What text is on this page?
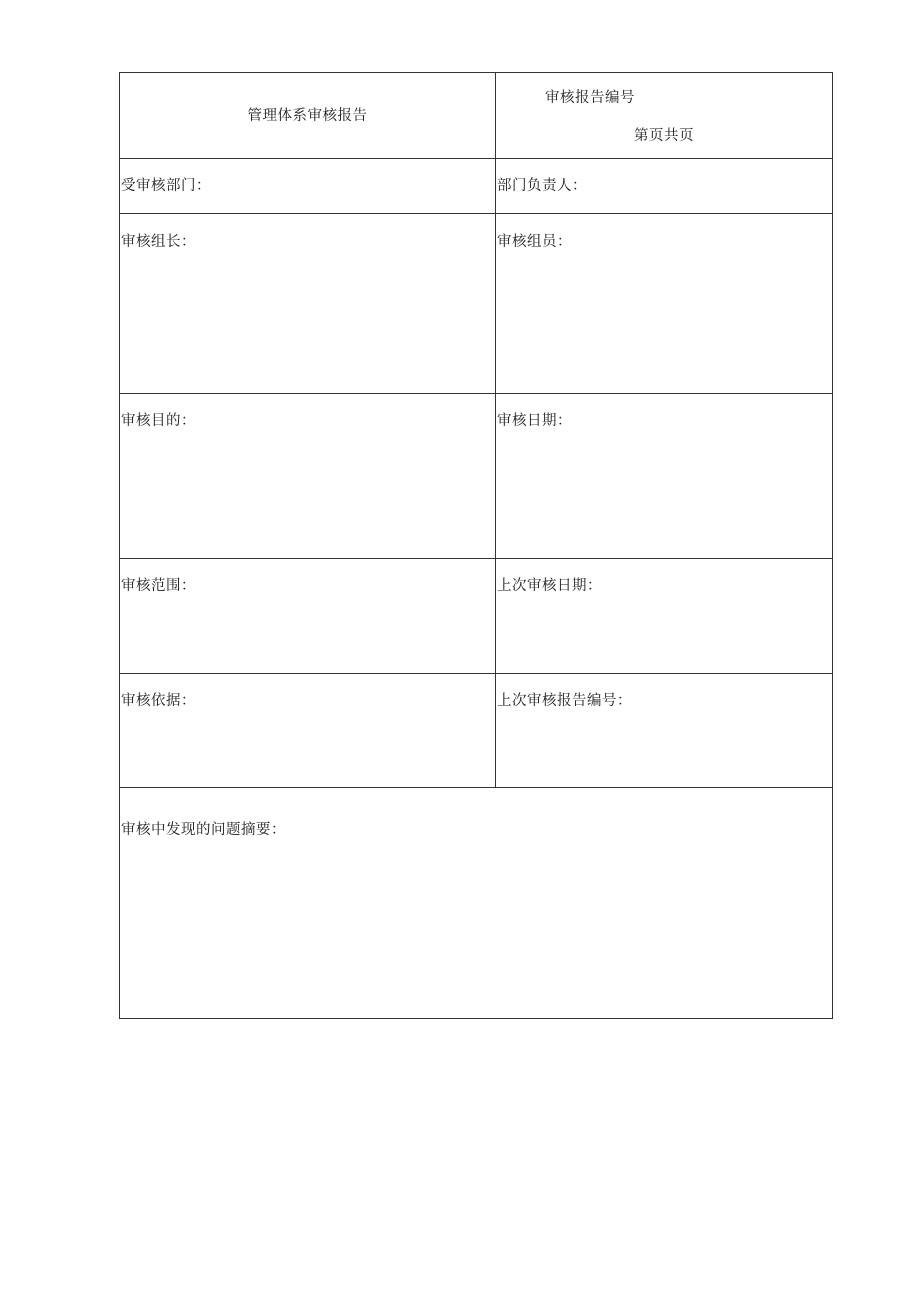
管理体系审核报告	审核报告编号
第页共页

受审核部门：	部门负责人：

审核组长：	审核组员：

审核目的：	审核日期：

审核范围：	上次审核日期：

审核依据：	上次审核报告编号：

审核中发现的问题摘要：	
